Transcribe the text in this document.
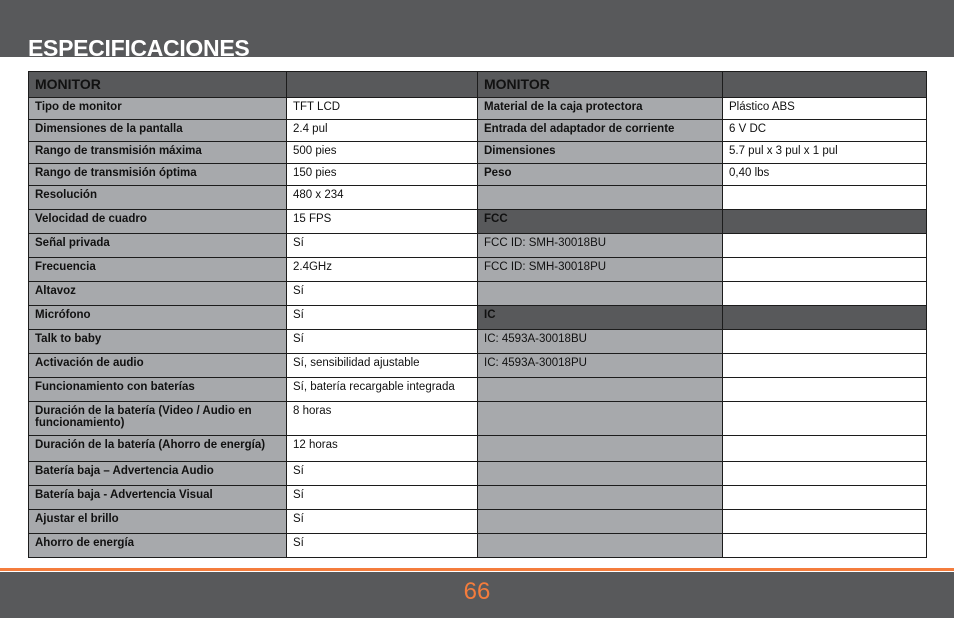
ESPECIFICACIONES
MONITOR		MONITOR	
Tipo de monitor	TFT LCD	Material de la caja protectora	Plástico ABS
Dimensiones de la pantalla	2.4 pul	Entrada del adaptador de corriente	6 V DC
Rango de transmisión máxima	500 pies	Dimensiones	5.7 pul x 3 pul x 1 pul
Rango de transmisión óptima	150 pies	Peso	0,40 lbs
Resolución	480 x 234		
Velocidad de cuadro	15 FPS	FCC	
Señal privada	Sí	FCC ID: SMH-30018BU	
Frecuencia	2.4GHz	FCC ID: SMH-30018PU	
Altavoz	Sí		
Micrófono	Sí	IC	
Talk to baby	Sí	IC: 4593A-30018BU	
Activación de audio	Sí, sensibilidad ajustable	IC: 4593A-30018PU	
Funcionamiento con baterías	Sí, batería recargable integrada		
Duración de la batería (Video / Audio en funcionamiento)	8 horas		
Duración de la batería (Ahorro de energía)	12 horas		
Batería baja – Advertencia Audio	Sí		
Batería baja - Advertencia Visual	Sí		
Ajustar el brillo	Sí		
Ahorro de energía	Sí		
66
